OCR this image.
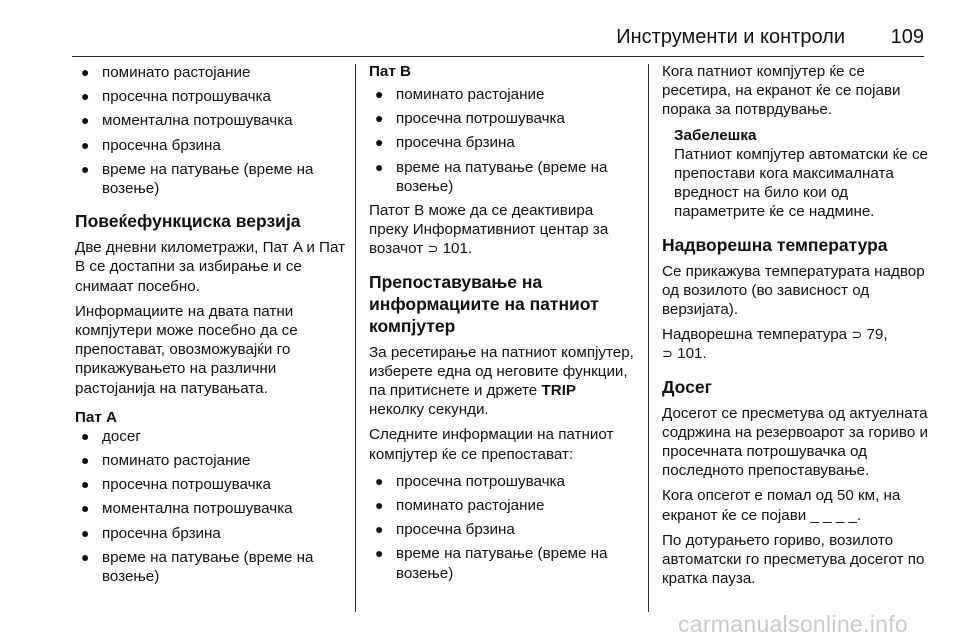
Инструменти и контроли 109
● поминато растојание
● просечна потрошувачка
● моментална потрошувачка
● просечна брзина
● време на патување (време на возење)
Повеќефункциска верзија

Две дневни километражи, Пат A и Пат B се достапни за избирање и се снимаат посебно.

Информациите на двата патни компјутери може посебно да се препостават, овозможувајќи го прикажувањето на различни растојанија на патувањата.

Пат A
● досег
● поминато растојание
● просечна потрошувачка
● моментална потрошувачка
● просечна брзина
● време на патување (време на возење)
Пат B
● поминато растојание
● просечна потрошувачка
● просечна брзина
● време на патување (време на возење)

Патот B може да се деактивира преку Информативниот центар за возачот ⊃ 101.

Препоставување на информациите на патниот компјутер

За ресетирање на патниот компјутер, изберете една од неговите функции, па притиснете и држете TRIP неколку секунди.

Следните информации на патниот компјутер ќе се препостават:

● просечна потрошувачка
● поминато растојание
● просечна брзина
● време на патување (време на возење)

Кога патниот компјутер ќе се ресетира, на екранот ќе се појави порака за потврдување.

Забелешка
Патниот компјутер автоматски ќе се препостави кога максималната вредност на било кои од параметрите ќе се надмине.
Надворешна температура

Се прикажува температурата надвор од возилото (во зависност од верзијата).

Надворешна температура ⊃ 79,
⊃ 101.

Досег

Досегот се пресметува од актуелната содржина на резервоарот за гориво и просечната потрошувачка од последното препоставување.

Кога опсегот е помал од 50 км, на екранот ќе се појави _ _ _ _.

По дотурањето гориво, возилото автоматски го пресметува досегот по кратка пауза.

carmanualsonline.info
